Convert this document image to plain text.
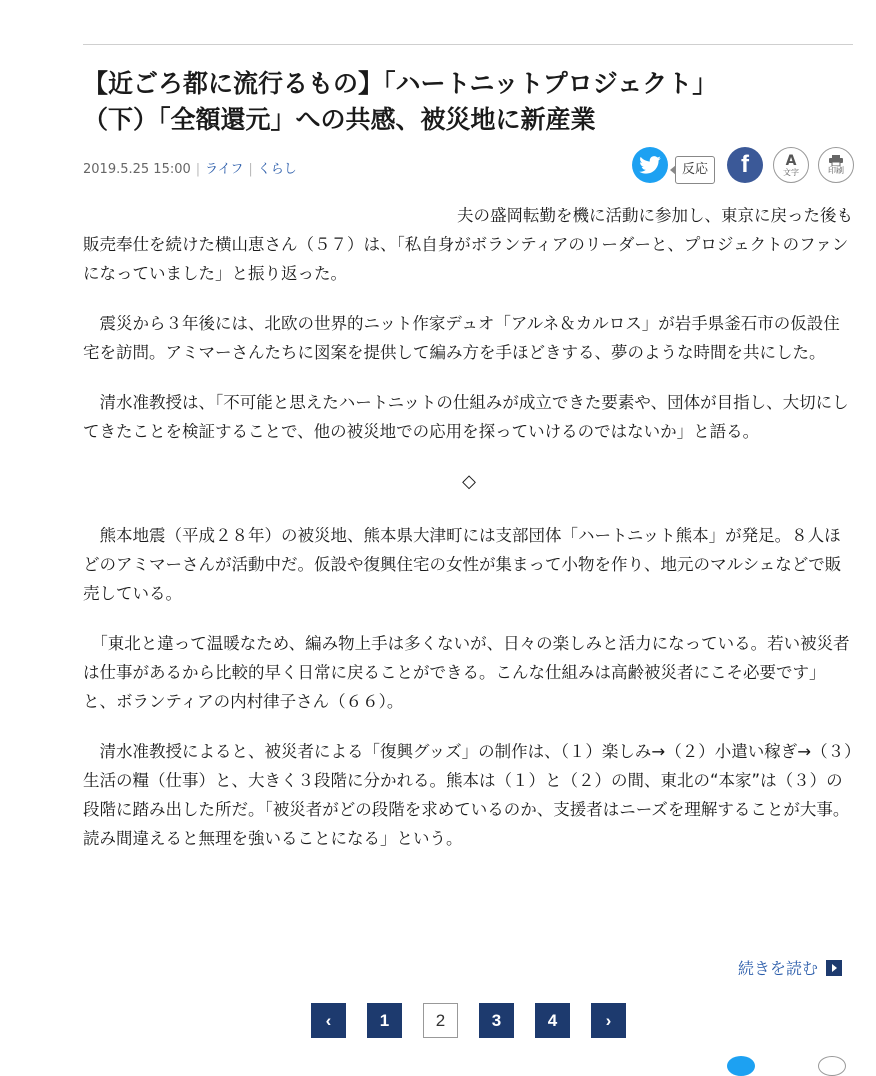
【近ごろ都に流行るもの】「ハートニットプロジェクト」
（下）「全額還元」への共感、被災地に新産業
2019.5.25 15:00 | ライフ | くらし	反応 f	A
文字	印刷

夫の盛岡転勤を機に活動に参加し、東京に戻った後も販売奉仕を続けた横山恵さん（５７）は、「私自身がボランティアのリーダーと、プロジェクトのファンになっていました」と振り返った。

　震災から３年後には、北欧の世界的ニット作家デュオ「アルネ＆カルロス」が岩手県釜石市の仮設住宅を訪問。アミマーさんたちに図案を提供して編み方を手ほどきする、夢のような時間を共にした。

　清水准教授は、「不可能と思えたハートニットの仕組みが成立できた要素や、団体が目指し、大切にしてきたことを検証することで、他の被災地での応用を探っていけるのではないか」と語る。

◇

　熊本地震（平成２８年）の被災地、熊本県大津町には支部団体「ハートニット熊本」が発足。８人ほどのアミマーさんが活動中だ。仮設や復興住宅の女性が集まって小物を作り、地元のマルシェなどで販売している。

　「東北と違って温暖なため、編み物上手は多くないが、日々の楽しみと活力になっている。若い被災者は仕事があるから比較的早く日常に戻ることができる。こんな仕組みは高齢被災者にこそ必要です」と、ボランティアの内村律子さん（６６）。

　清水准教授によると、被災者による「復興グッズ」の制作は、（１）楽しみ→（２）小遣い稼ぎ→（３）生活の糧（仕事）と、大きく３段階に分かれる。熊本は（１）と（２）の間、東北の“本家”は（３）の段階に踏み出した所だ。「被災者がどの段階を求めているのか、支援者はニーズを理解することが大事。読み間違えると無理を強いることになる」という。

続きを読む
‹	1	2	3	4	›
